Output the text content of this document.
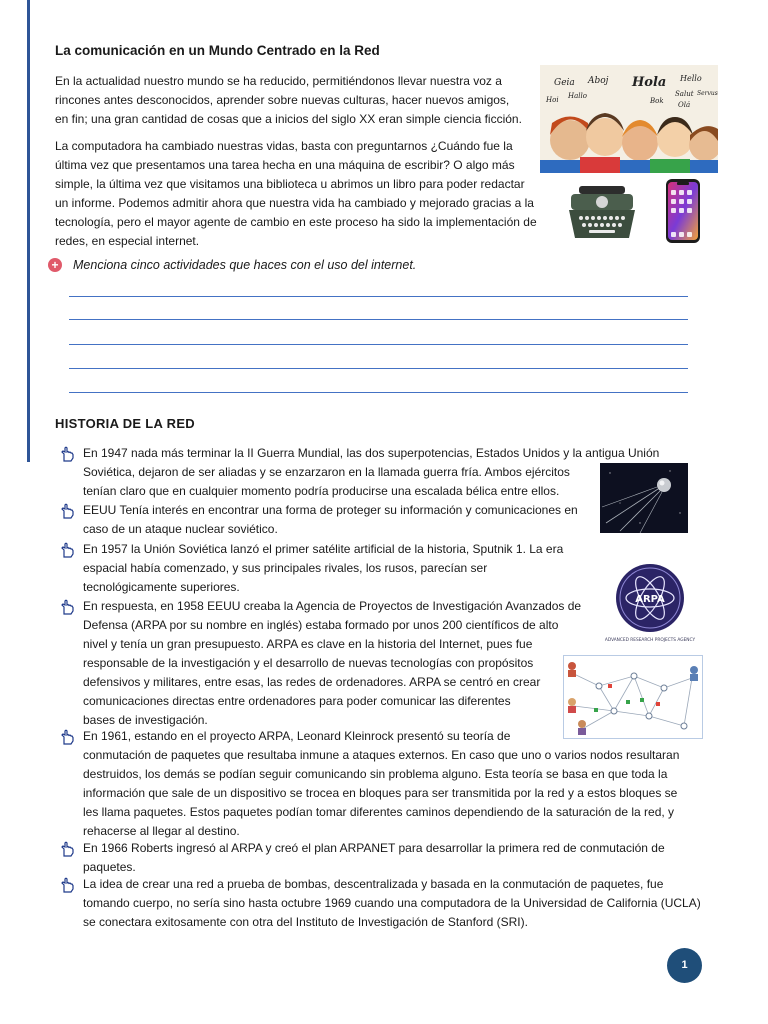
La comunicación en un Mundo Centrado en la Red
En la actualidad nuestro mundo se ha reducido, permitiéndonos llevar nuestra voz a
rincones antes desconocidos, aprender sobre nuevas culturas, hacer nuevos amigos,
en fin; una gran cantidad de cosas que a inicios del siglo XX eran simple ciencia ficción.
La computadora ha cambiado nuestras vidas, basta con preguntarnos ¿Cuándo fue la
última vez que presentamos una tarea hecha en una máquina de escribir? O algo más
simple, la última vez que visitamos una biblioteca u abrimos un libro para poder redactar
un informe. Podemos admitir ahora que nuestra vida ha cambiado y mejorado gracias a la
tecnología, pero el mayor agente de cambio en este proceso ha sido la implementación de
redes, en especial internet.
Geia Aboj Hola Hello
Hallo	Salut Servus
Hoi
Olá
Bok
+ Menciona cinco actividades que haces con el uso del internet.
HISTORIA DE LA RED
En 1947 nada más terminar la II Guerra Mundial, las dos superpotencias, Estados Unidos y la antigua Unión
Soviética, dejaron de ser aliadas y se enzarzaron en la llamada guerra fría. Ambos ejércitos
tenían claro que en cualquier momento podría producirse una escalada bélica entre ellos.
EEUU Tenía interés en encontrar una forma de proteger su información y comunicaciones en
caso de un ataque nuclear soviético.
En 1957 la Unión Soviética lanzó el primer satélite artificial de la historia, Sputnik 1. La era
espacial había comenzado, y sus principales rivales, los rusos, parecían ser
tecnológicamente superiores.
ARPA
ADVANCED RESEARCH PROJECTS AGENCY
En respuesta, en 1958 EEUU creaba la Agencia de Proyectos de Investigación Avanzados de
Defensa (ARPA por su nombre en inglés) estaba formado por unos 200 científicos de alto
nivel y tenía un gran presupuesto. ARPA es clave en la historia del Internet, pues fue
responsable de la investigación y el desarrollo de nuevas tecnologías con propósitos
defensivos y militares, entre esas, las redes de ordenadores. ARPA se centró en crear
comunicaciones directas entre ordenadores para poder comunicar las diferentes
bases de investigación.
En 1961, estando en el proyecto ARPA, Leonard Kleinrock presentó su teoría de
conmutación de paquetes que resultaba inmune a ataques externos. En caso que uno o varios nodos resultaran
destruidos, los demás se podían seguir comunicando sin problema alguno. Esta teoría se basa en que toda la
información que sale de un dispositivo se trocea en bloques para ser transmitida por la red y a estos bloques se
les llama paquetes. Estos paquetes podían tomar diferentes caminos dependiendo de la saturación de la red, y
rehacerse al llegar al destino.
En 1966 Roberts ingresó al ARPA y creó el plan ARPANET para desarrollar la primera red de conmutación de
paquetes.
La idea de crear una red a prueba de bombas, descentralizada y basada en la conmutación de paquetes, fue
tomando cuerpo, no sería sino hasta octubre 1969 cuando una computadora de la Universidad de California (UCLA)
se conectara exitosamente con otra del Instituto de Investigación de Stanford (SRI).
1
